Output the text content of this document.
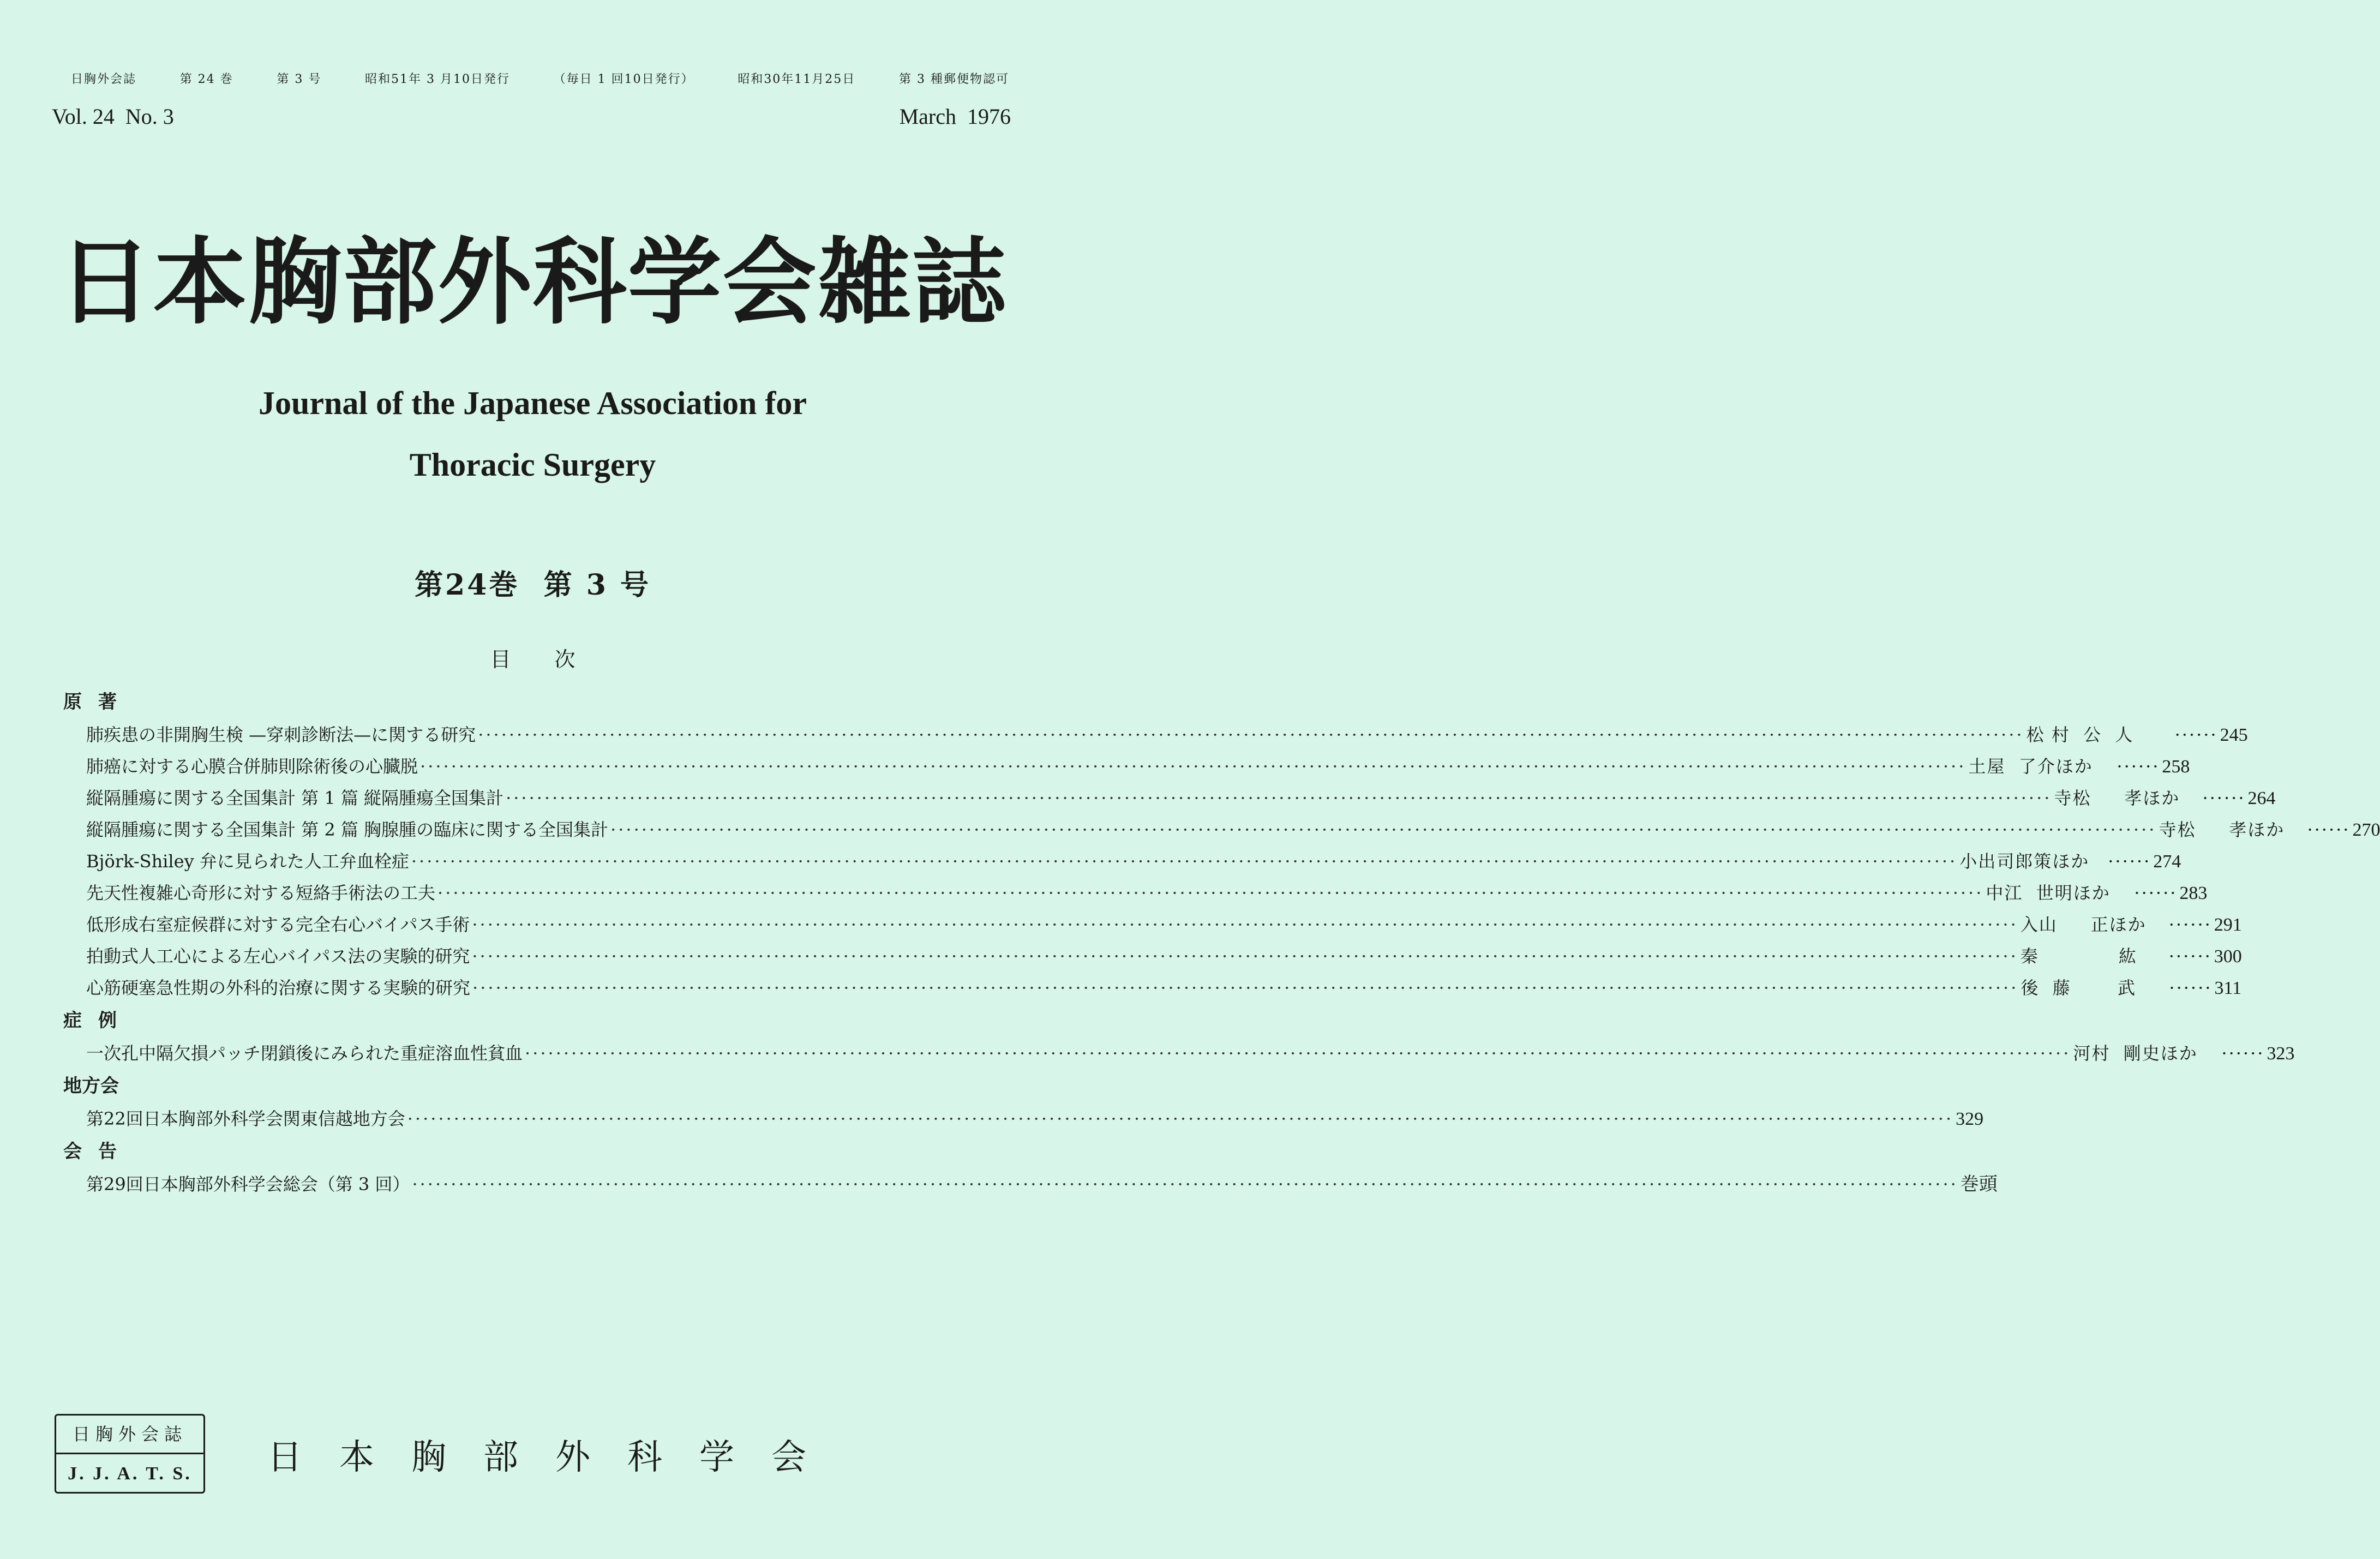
日胸外会誌	第 24 巻	第 3 号	昭和51年 3 月10日発行	（毎日 1 回10日発行）	昭和30年11月25日	第 3 種郵便物認可
Vol. 24  No. 3	March  1976
日本胸部外科学会雑誌
Journal of the Japanese Association for
Thoracic Surgery
第24巻  第 3 号
目次
原著
肺疾患の非開胸生検 —穿刺診断法—に関する研究 ········································································································································································································ 松 村  公  人	······ 245
肺癌に対する心膜合併肺則除術後の心臓脱 ········································································································································································································ 土屋  了介ほか	······ 258
縦隔腫瘍に関する全国集計 第 1 篇 縦隔腫瘍全国集計 ········································································································································································································ 寺松     孝ほか	······ 264
縦隔腫瘍に関する全国集計 第 2 篇 胸腺腫の臨床に関する全国集計 ········································································································································································································ 寺松     孝ほか	······ 270
Björk-Shiley 弁に見られた人工弁血栓症 ········································································································································································································ 小出司郎策ほか	······ 274
先天性複雑心奇形に対する短絡手術法の工夫 ········································································································································································································ 中江  世明ほか	······ 283
低形成右室症候群に対する完全右心バイパス手術 ········································································································································································································ 入山     正ほか	······ 291
拍動式人工心による左心バイパス法の実験的研究 ········································································································································································································ 秦            紘	······ 300
心筋硬塞急性期の外科的治療に関する実験的研究 ········································································································································································································ 後  藤       武	······ 311
症例
一次孔中隔欠損パッチ閉鎖後にみられた重症溶血性貧血 ········································································································································································································ 河村  剛史ほか	······ 323
地方会
第22回日本胸部外科学会関東信越地方会 ········································································································································································································ 329
会告
第29回日本胸部外科学会総会（第 3 回） ········································································································································································································ 巻頭
日胸外会誌
J. J. A. T. S.	日本胸部外科学会
